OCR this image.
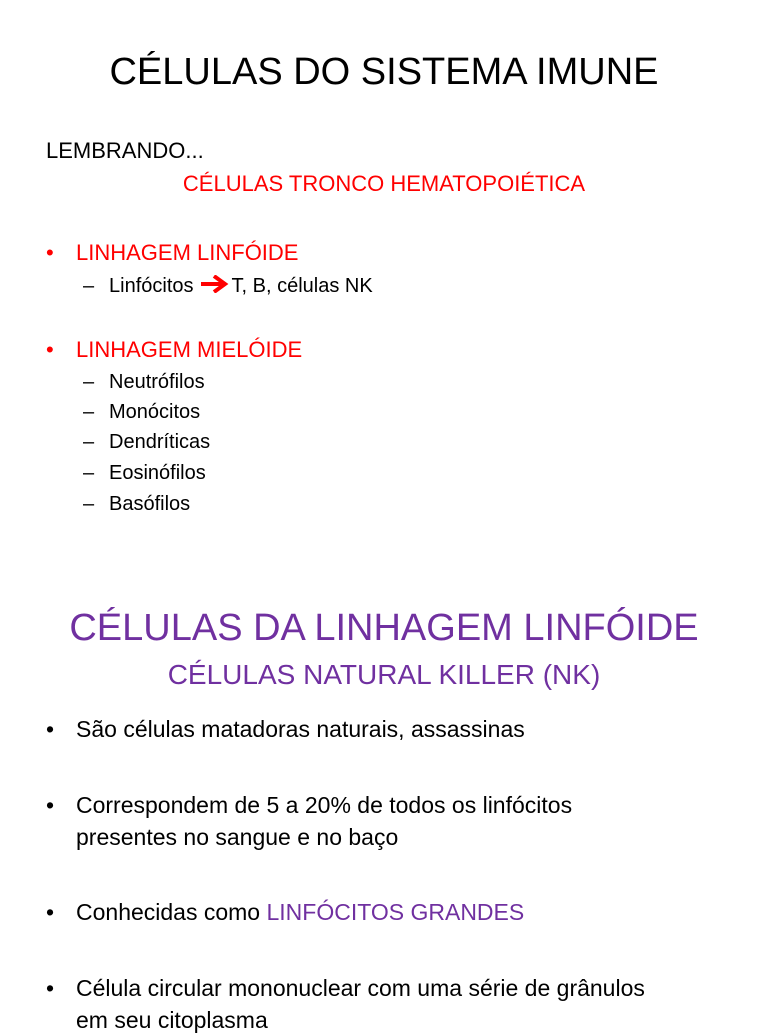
CÉLULAS DO SISTEMA IMUNE
LEMBRANDO...
CÉLULAS TRONCO HEMATOPOIÉTICA
• LINHAGEM LINFÓIDE
– Linfócitos T, B, células NK
• LINHAGEM MIELÓIDE
– Neutrófilos
– Monócitos
– Dendríticas
– Eosinófilos
– Basófilos
CÉLULAS DA LINHAGEM LINFÓIDE
CÉLULAS NATURAL KILLER (NK)
• São células matadoras naturais, assassinas
• Correspondem de 5 a 20% de todos os linfócitos
presentes no sangue e no baço
• Conhecidas como LINFÓCITOS GRANDES
• Célula circular mononuclear com uma série de grânulos
em seu citoplasma
